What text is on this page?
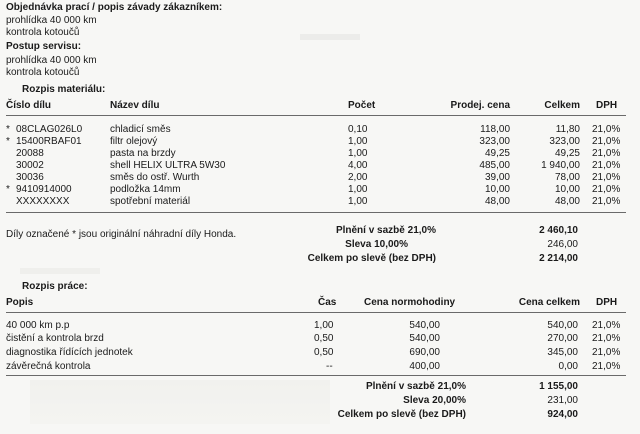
Objednávka prací / popis závady zákazníkem:
prohlídka 40 000 km
kontrola kotoučů
Postup servisu:
prohlídka 40 000 km
kontrola kotoučů
Rozpis materiálu:
Číslo dílu	Název dílu	Počet	Prodej. cena	Celkem DPH
* 08CLAG026L0	chladicí směs	0,10	118,00	11,80 21,0%
* 15400RBAF01	filtr olejový	1,00	323,00	323,00 21,0%
20088	pasta na brzdy	1,00	49,25	49,25 21,0%
30002	shell HELIX ULTRA 5W30	4,00	485,00	1 940,00 21,0%
30036	směs do ostř. Wurth	2,00	39,00	78,00 21,0%
* 9410914000	podložka 14mm	1,00	10,00	10,00 21,0%
XXXXXXXX	spotřební materiál	1,00	48,00	48,00 21,0%
Díly označené * jsou originální náhradní díly Honda.	Plnění v sazbě 21,0%	2 460,10
Sleva 10,00%	246,00
Celkem po slevě (bez DPH)	2 214,00
Rozpis práce:
Popis	Čas	Cena normohodiny	Cena celkem DPH
40 000 km p.p	1,00	540,00	540,00 21,0%
čistění a kontrola brzd	0,50	540,00	270,00 21,0%
diagnostika řídících jednotek	0,50	690,00	345,00 21,0%
závěrečná kontrola	--	400,00	0,00 21,0%
Plnění v sazbě 21,0%	1 155,00
Sleva 20,00%	231,00
Celkem po slevě (bez DPH)	924,00
